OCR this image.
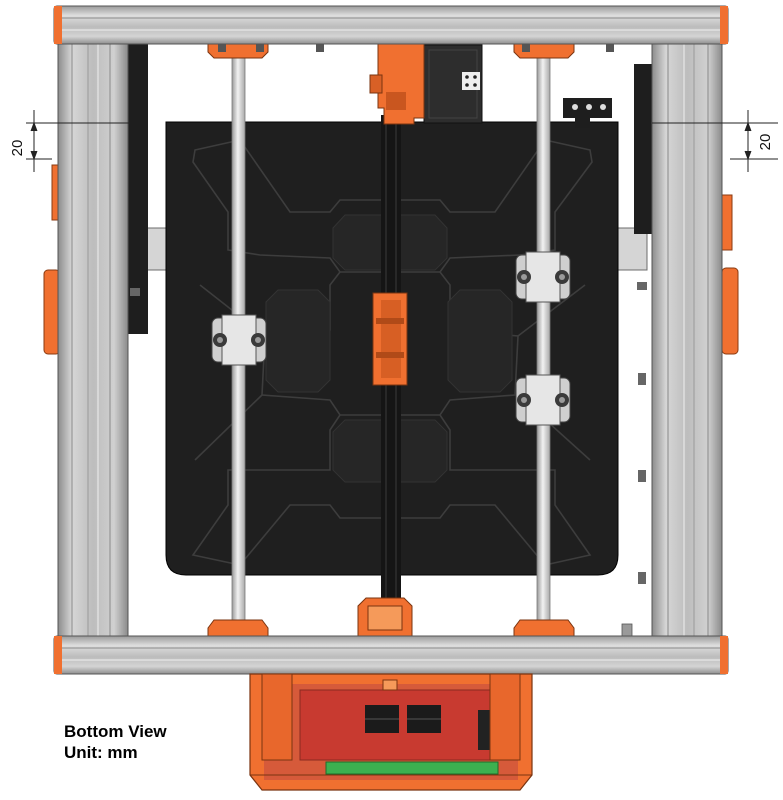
20	20
Bottom View
Unit: mm
